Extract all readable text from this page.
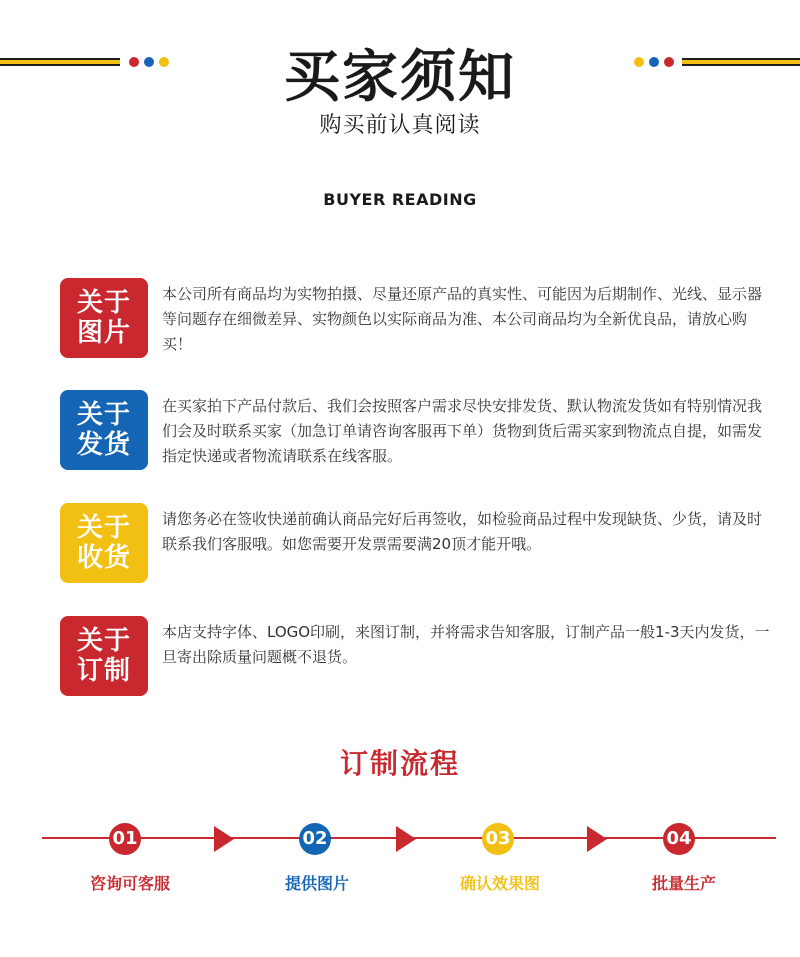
买家须知
购买前认真阅读
BUYER READING
关于
图片
本公司所有商品均为实物拍摄、尽量还原产品的真实性、可能因为后期制作、光线、显示器等问题存在细微差异、实物颜色以实际商品为准、本公司商品均为全新优良品，请放心购买！
关于
发货
在买家拍下产品付款后、我们会按照客户需求尽快安排发货、默认物流发货如有特别情况我们会及时联系买家（加急订单请咨询客服再下单）货物到货后需买家到物流点自提，如需发指定快递或者物流请联系在线客服。
关于
收货
请您务必在签收快递前确认商品完好后再签收，如检验商品过程中发现缺货、少货，请及时联系我们客服哦。如您需要开发票需要满20顶才能开哦。
关于
订制
本店支持字体、LOGO印刷，来图订制，并将需求告知客服，订制产品一般1-3天内发货，一旦寄出除质量问题概不退货。
订制流程
01	02	03	04
咨询可客服	提供图片	确认效果图	批量生产
